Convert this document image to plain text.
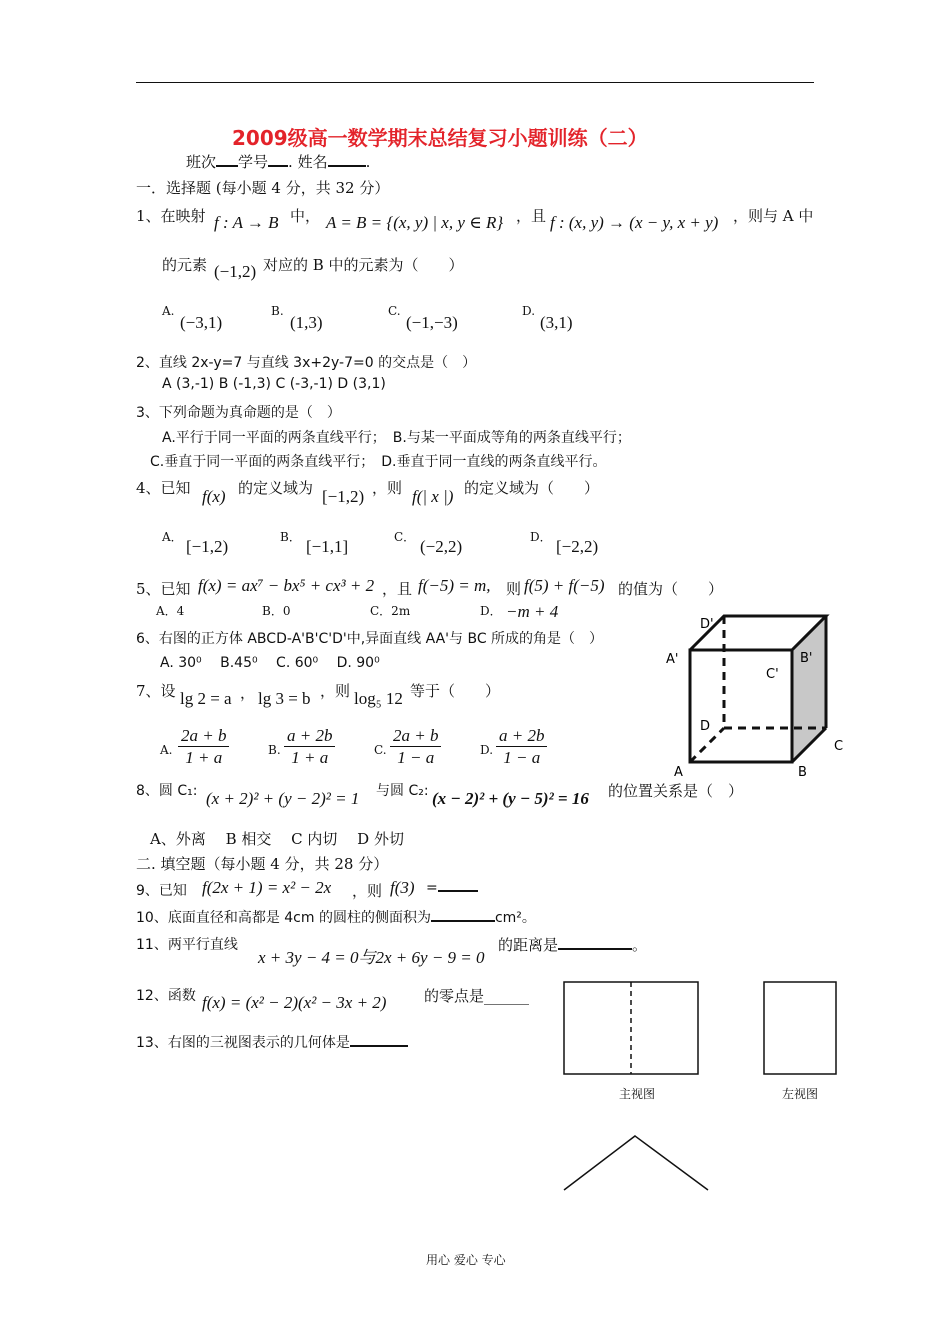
2009级高一数学期末总结复习小题训练（二）
班次 学号 . 姓名	.
一．选择题 (每小题 4 分，共 32 分）
1、在映射 f : A → B 中， A = B = {(x, y) | x, y ∈ R} ，且 f : (x, y) → (x − y, x + y) ，则与 A 中
的元素 (−1,2) 对应的 B 中的元素为（　　）
A.
(−3,1)
B.
(1,3)
C.
(−1,−3)
D.
(3,1)
2、直线 2x-y=7 与直线 3x+2y-7=0 的交点是（　）
A (3,-1) B (-1,3) C (-3,-1) D (3,1)
3、下列命题为真命题的是（　）
A.平行于同一平面的两条直线平行；　B.与某一平面成等角的两条直线平行；
C.垂直于同一平面的两条直线平行；　D.垂直于同一直线的两条直线平行。
4、已知 f(x) 的定义域为 [−1,2) ，则 f(| x |) 的定义域为（　　）
A． [−1,2)	B． [−1,1]	C． (−2,2)	D． [−2,2)
5、已知 f(x) = ax⁷ − bx⁵ + cx³ + 2 ，且 f(−5) = m, 则 f(5) + f(−5) 的值为（　　）
A．4	B．0	C．2m	D． −m + 4
6、右图的正方体 ABCD-A'B'C'D'中,异面直线 AA'与 BC 所成的角是（　）
A. 30⁰　 B.45⁰　 C. 60⁰　 D. 90⁰
7、设 lg 2 = a ， lg 3 = b ，则 log₅ 12 等于（　　）
A. $\frac{2a + b}{1 + a}$	B. $\frac{a + 2b}{1 + a}$	C. $\frac{2a + b}{1 - a}$	D. $\frac{a + 2b}{1 - a}$
8、圆 C₁: (x + 2)² + (y − 2)² = 1 与圆 C₂: (x − 2)² + (y − 5)² = 16 的位置关系是（　）
A、外离　 B 相交　 C 内切　 D 外切
二. 填空题（每小题 4 分，共 28 分）
9、已知 f(2x + 1) = x² − 2x ，则 f(3) =
10、底面直径和高都是 4cm 的圆柱的侧面积为	cm²。
11、两平行直线
x + 3y − 4 = 0与2x + 6y − 9 = 0
的距离是	。
12、函数 f(x) = (x² − 2)(x² − 3x + 2)	的零点是______
13、右图的三视图表示的几何体是
D'
A'	B'
C'
D
C
A	B
主视图	左视图
用心 爱心 专心
